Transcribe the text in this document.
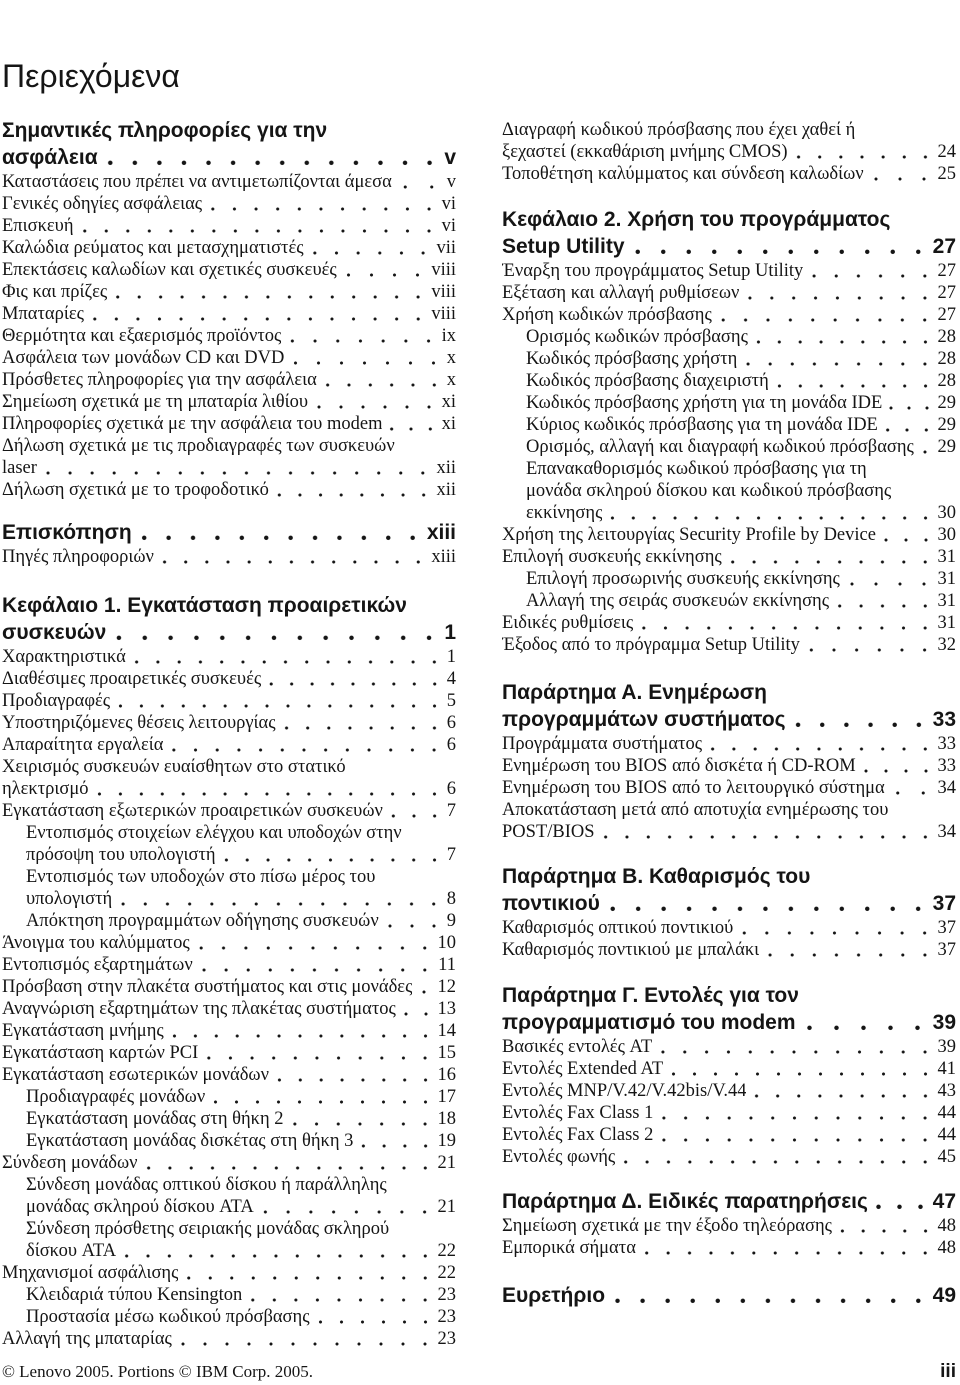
Περιεχόμενα
Σημαντικές πληροφορίες για την
ασφάλεια	v
Καταστάσεις που πρέπει να αντιμετωπίζονται άμεσα	v
Γενικές οδηγίες ασφάλειας	vi
Επισκευή	vi
Καλώδια ρεύματος και μετασχηματιστές	vii
Επεκτάσεις καλωδίων και σχετικές συσκευές	viii
Φις και πρίζες	viii
Μπαταρίες	viii
Θερμότητα και εξαερισμός προϊόντος	ix
Ασφάλεια των μονάδων CD και DVD	x
Πρόσθετες πληροφορίες για την ασφάλεια	x
Σημείωση σχετικά με τη μπαταρία λιθίου	xi
Πληροφορίες σχετικά με την ασφάλεια του modem	xi
Δήλωση σχετικά με τις προδιαγραφές των συσκευών
laser	xii
Δήλωση σχετικά με το τροφοδοτικό	xii
Επισκόπηση	xiii
Πηγές πληροφοριών	xiii
Κεφάλαιο 1. Εγκατάσταση προαιρετικών
συσκευών	1
Χαρακτηριστικά	1
Διαθέσιμες προαιρετικές συσκευές	4
Προδιαγραφές	5
Υποστηριζόμενες θέσεις λειτουργίας	6
Απαραίτητα εργαλεία	6
Χειρισμός συσκευών ευαίσθητων στο στατικό
ηλεκτρισμό	6
Εγκατάσταση εξωτερικών προαιρετικών συσκευών	7
Εντοπισμός στοιχείων ελέγχου και υποδοχών στην
πρόσοψη του υπολογιστή	7
Εντοπισμός των υποδοχών στο πίσω μέρος του
υπολογιστή	8
Απόκτηση προγραμμάτων οδήγησης συσκευών	9
Άνοιγμα του καλύμματος	10
Εντοπισμός εξαρτημάτων	11
Πρόσβαση στην πλακέτα συστήματος και στις μονάδες 12
Αναγνώριση εξαρτημάτων της πλακέτας συστήματος 13
Εγκατάσταση μνήμης	14
Εγκατάσταση καρτών PCI	15
Εγκατάσταση εσωτερικών μονάδων	16
Προδιαγραφές μονάδων	17
Εγκατάσταση μονάδας στη θήκη 2	18
Εγκατάσταση μονάδας δισκέτας στη θήκη 3	19
Σύνδεση μονάδων	21
Σύνδεση μονάδας οπτικού δίσκου ή παράλληλης
μονάδας σκληρού δίσκου ATA	21
Σύνδεση πρόσθετης σειριακής μονάδας σκληρού
δίσκου ATA	22
Μηχανισμοί ασφάλισης	22
Κλειδαριά τύπου Kensington	23
Προστασία μέσω κωδικού πρόσβασης	23
Αλλαγή της μπαταρίας	23
Διαγραφή κωδικού πρόσβασης που έχει χαθεί ή
ξεχαστεί (εκκαθάριση μνήμης CMOS)	24
Τοποθέτηση καλύμματος και σύνδεση καλωδίων	25
Κεφάλαιο 2. Χρήση του προγράμματος
Setup Utility	27
Έναρξη του προγράμματος Setup Utility	27
Εξέταση και αλλαγή ρυθμίσεων	27
Χρήση κωδικών πρόσβασης	27
Ορισμός κωδικών πρόσβασης	28
Κωδικός πρόσβασης χρήστη	28
Κωδικός πρόσβασης διαχειριστή	28
Κωδικός πρόσβασης χρήστη για τη μονάδα IDE	29
Κύριος κωδικός πρόσβασης για τη μονάδα IDE	29
Ορισμός, αλλαγή και διαγραφή κωδικού πρόσβασης 29
Επανακαθορισμός κωδικού πρόσβασης για τη
μονάδα σκληρού δίσκου και κωδικού πρόσβασης
εκκίνησης	30
Χρήση της λειτουργίας Security Profile by Device	30
Επιλογή συσκευής εκκίνησης	31
Επιλογή προσωρινής συσκευής εκκίνησης	31
Αλλαγή της σειράς συσκευών εκκίνησης	31
Ειδικές ρυθμίσεις	31
Έξοδος από το πρόγραμμα Setup Utility	32
Παράρτημα Α. Ενημέρωση
προγραμμάτων συστήματος	33
Προγράμματα συστήματος	33
Ενημέρωση του BIOS από δισκέτα ή CD-ROM	33
Ενημέρωση του BIOS από το λειτουργικό σύστημα	34
Αποκατάσταση μετά από αποτυχία ενημέρωσης του
POST/BIOS	34
Παράρτημα Β. Καθαρισμός του
ποντικιού	37
Καθαρισμός οπτικού ποντικιού	37
Καθαρισμός ποντικιού με μπαλάκι	37
Παράρτημα Γ. Εντολές για τον
προγραμματισμό του modem	39
Βασικές εντολές AT	39
Εντολές Extended AT	41
Εντολές MNP/V.42/V.42bis/V.44	43
Εντολές Fax Class 1	44
Εντολές Fax Class 2	44
Εντολές φωνής	45
Παράρτημα Δ. Ειδικές παρατηρήσεις	47
Σημείωση σχετικά με την έξοδο τηλεόρασης	48
Εμπορικά σήματα	48
Ευρετήριο	49
© Lenovo 2005. Portions © IBM Corp. 2005.	iii
